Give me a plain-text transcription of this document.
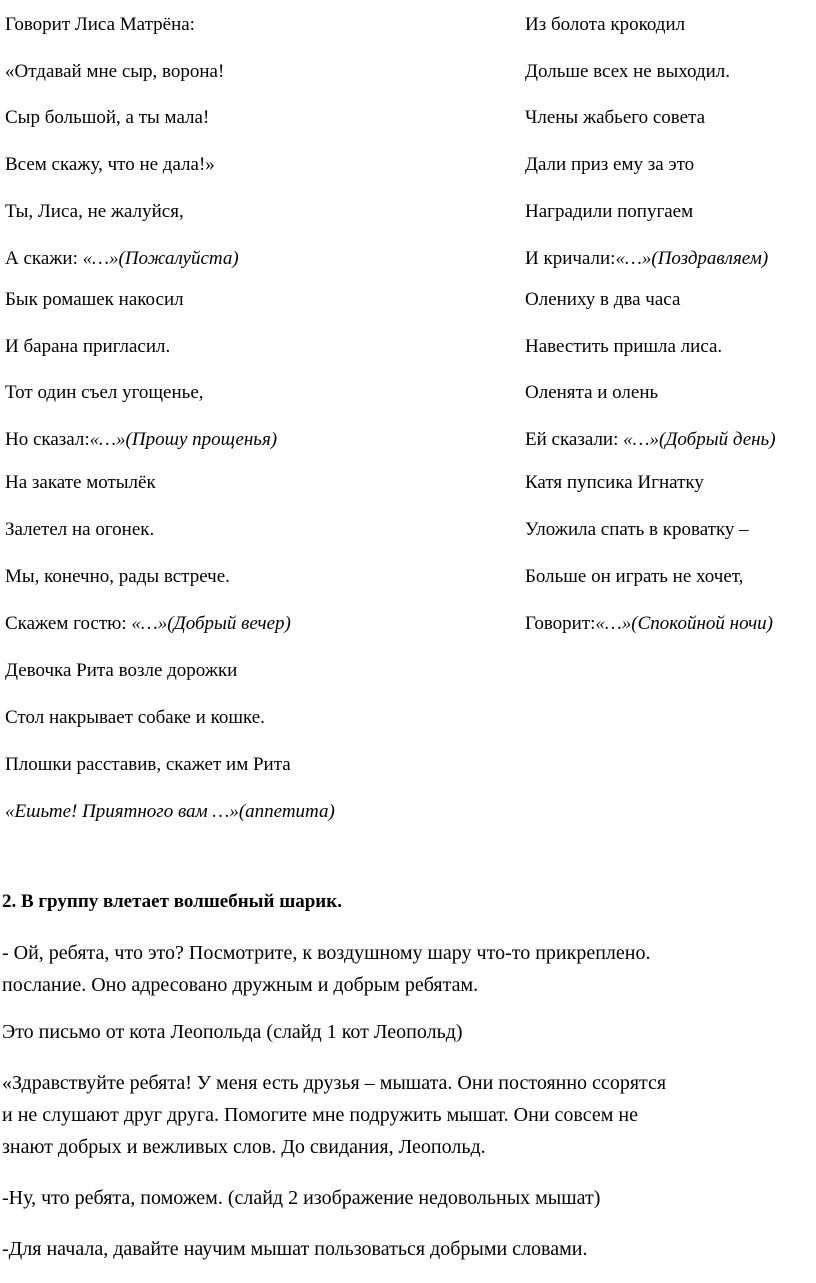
Говорит Лиса Матрёна:
«Отдавай мне сыр, ворона!
Сыр большой, а ты мала!
Всем скажу, что не дала!»
Ты, Лиса, не жалуйся,
А скажи: «…»(Пожалуйста)
Бык ромашек накосил
И барана пригласил.
Тот один съел угощенье,
Но сказал:«…»(Прошу прощенья)
На закате мотылёк
Залетел на огонек.
Мы, конечно, рады встрече.
Скажем гостю: «…»(Добрый вечер)
Девочка Рита возле дорожки
Стол накрывает собаке и кошке.
Плошки расставив, скажет им Рита
«Ешьте! Приятного вам …»(аппетита)
Из болота крокодил
Дольше всех не выходил.
Члены жабьего совета
Дали приз ему за это
Наградили попугаем
И кричали:«…»(Поздравляем)
Олениху в два часа
Навестить пришла лиса.
Оленята и олень
Ей сказали: «…»(Добрый день)
Катя пупсика Игнатку
Уложила спать в кроватку –
Больше он играть не хочет,
Говорит:«…»(Спокойной ночи)
2. В группу влетает волшебный шарик.
- Ой, ребята, что это? Посмотрите, к воздушному шару что-то прикреплено.
послание. Оно адресовано дружным и добрым ребятам.
Это письмо от кота Леопольда (слайд 1 кот Леопольд)
«Здравствуйте ребята! У меня есть друзья – мышата. Они постоянно ссорятся
и не слушают друг друга. Помогите мне подружить мышат. Они совсем не
знают добрых и вежливых слов. До свидания, Леопольд.
-Ну, что ребята, поможем. (слайд 2 изображение недовольных мышат)
-Для начала, давайте научим мышат пользоваться добрыми словами.
